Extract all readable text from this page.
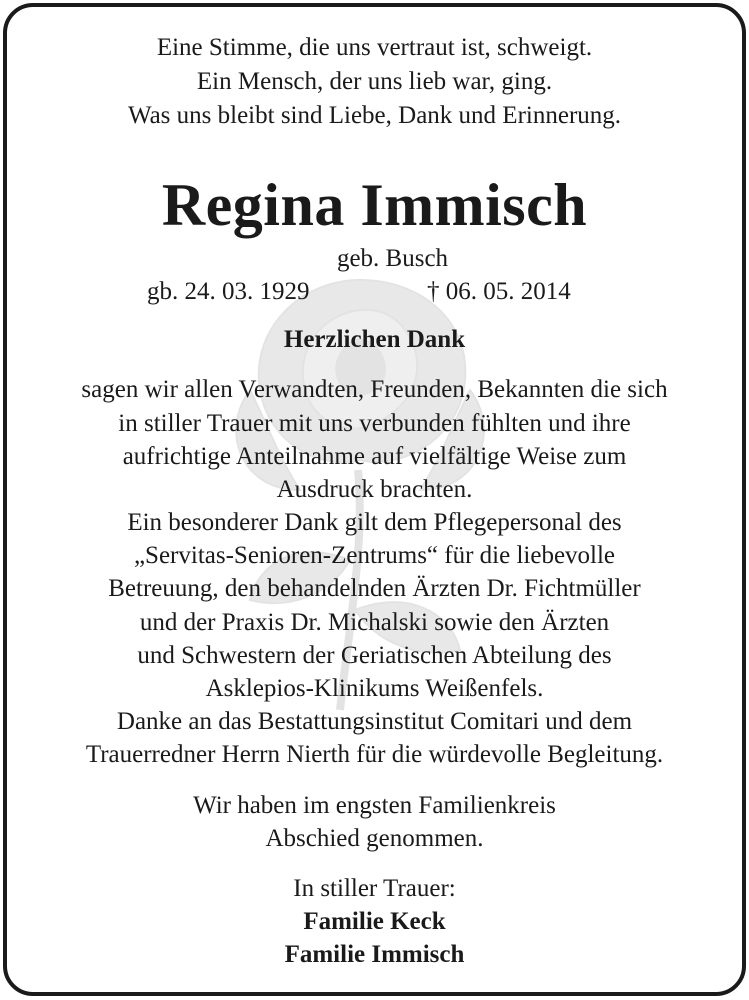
Eine Stimme, die uns vertraut ist, schweigt.
Ein Mensch, der uns lieb war, ging.
Was uns bleibt sind Liebe, Dank und Erinnerung.
Regina Immisch
geb. Busch
gb. 24. 03. 1929	† 06. 05. 2014
Herzlichen Dank
sagen wir allen Verwandten, Freunden, Bekannten die sich
in stiller Trauer mit uns verbunden fühlten und ihre
aufrichtige Anteilnahme auf vielfältige Weise zum
Ausdruck brachten.
Ein besonderer Dank gilt dem Pflegepersonal des
„Servitas-Senioren-Zentrums“ für die liebevolle
Betreuung, den behandelnden Ärzten Dr. Fichtmüller
und der Praxis Dr. Michalski sowie den Ärzten
und Schwestern der Geriatischen Abteilung des
Asklepios-Klinikums Weißenfels.
Danke an das Bestattungsinstitut Comitari und dem
Trauerredner Herrn Nierth für die würdevolle Begleitung.
Wir haben im engsten Familienkreis
Abschied genommen.
In stiller Trauer:
Familie Keck
Familie Immisch
